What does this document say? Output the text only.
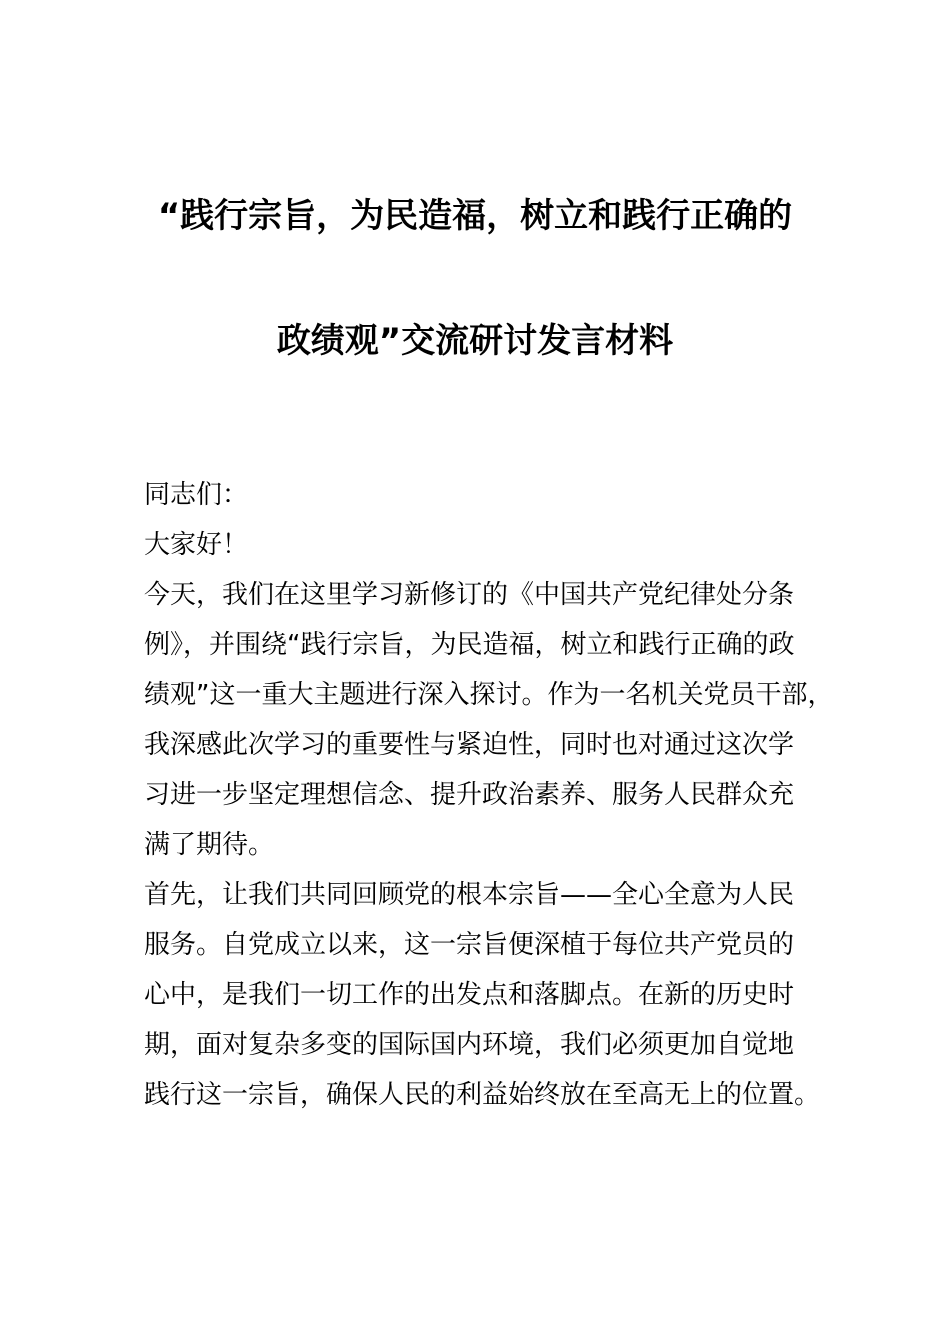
“践行宗旨，为民造福，树立和践行正确的
政绩观”交流研讨发言材料
同志们：
大家好！
今天，我们在这里学习新修订的《中国共产党纪律处分条
例》，并围绕“践行宗旨，为民造福，树立和践行正确的政
绩观”这一重大主题进行深入探讨。作为一名机关党员干部，
我深感此次学习的重要性与紧迫性，同时也对通过这次学
习进一步坚定理想信念、提升政治素养、服务人民群众充
满了期待。
首先，让我们共同回顾党的根本宗旨——全心全意为人民
服务。自党成立以来，这一宗旨便深植于每位共产党员的
心中，是我们一切工作的出发点和落脚点。在新的历史时
期，面对复杂多变的国际国内环境，我们必须更加自觉地
践行这一宗旨，确保人民的利益始终放在至高无上的位置。
